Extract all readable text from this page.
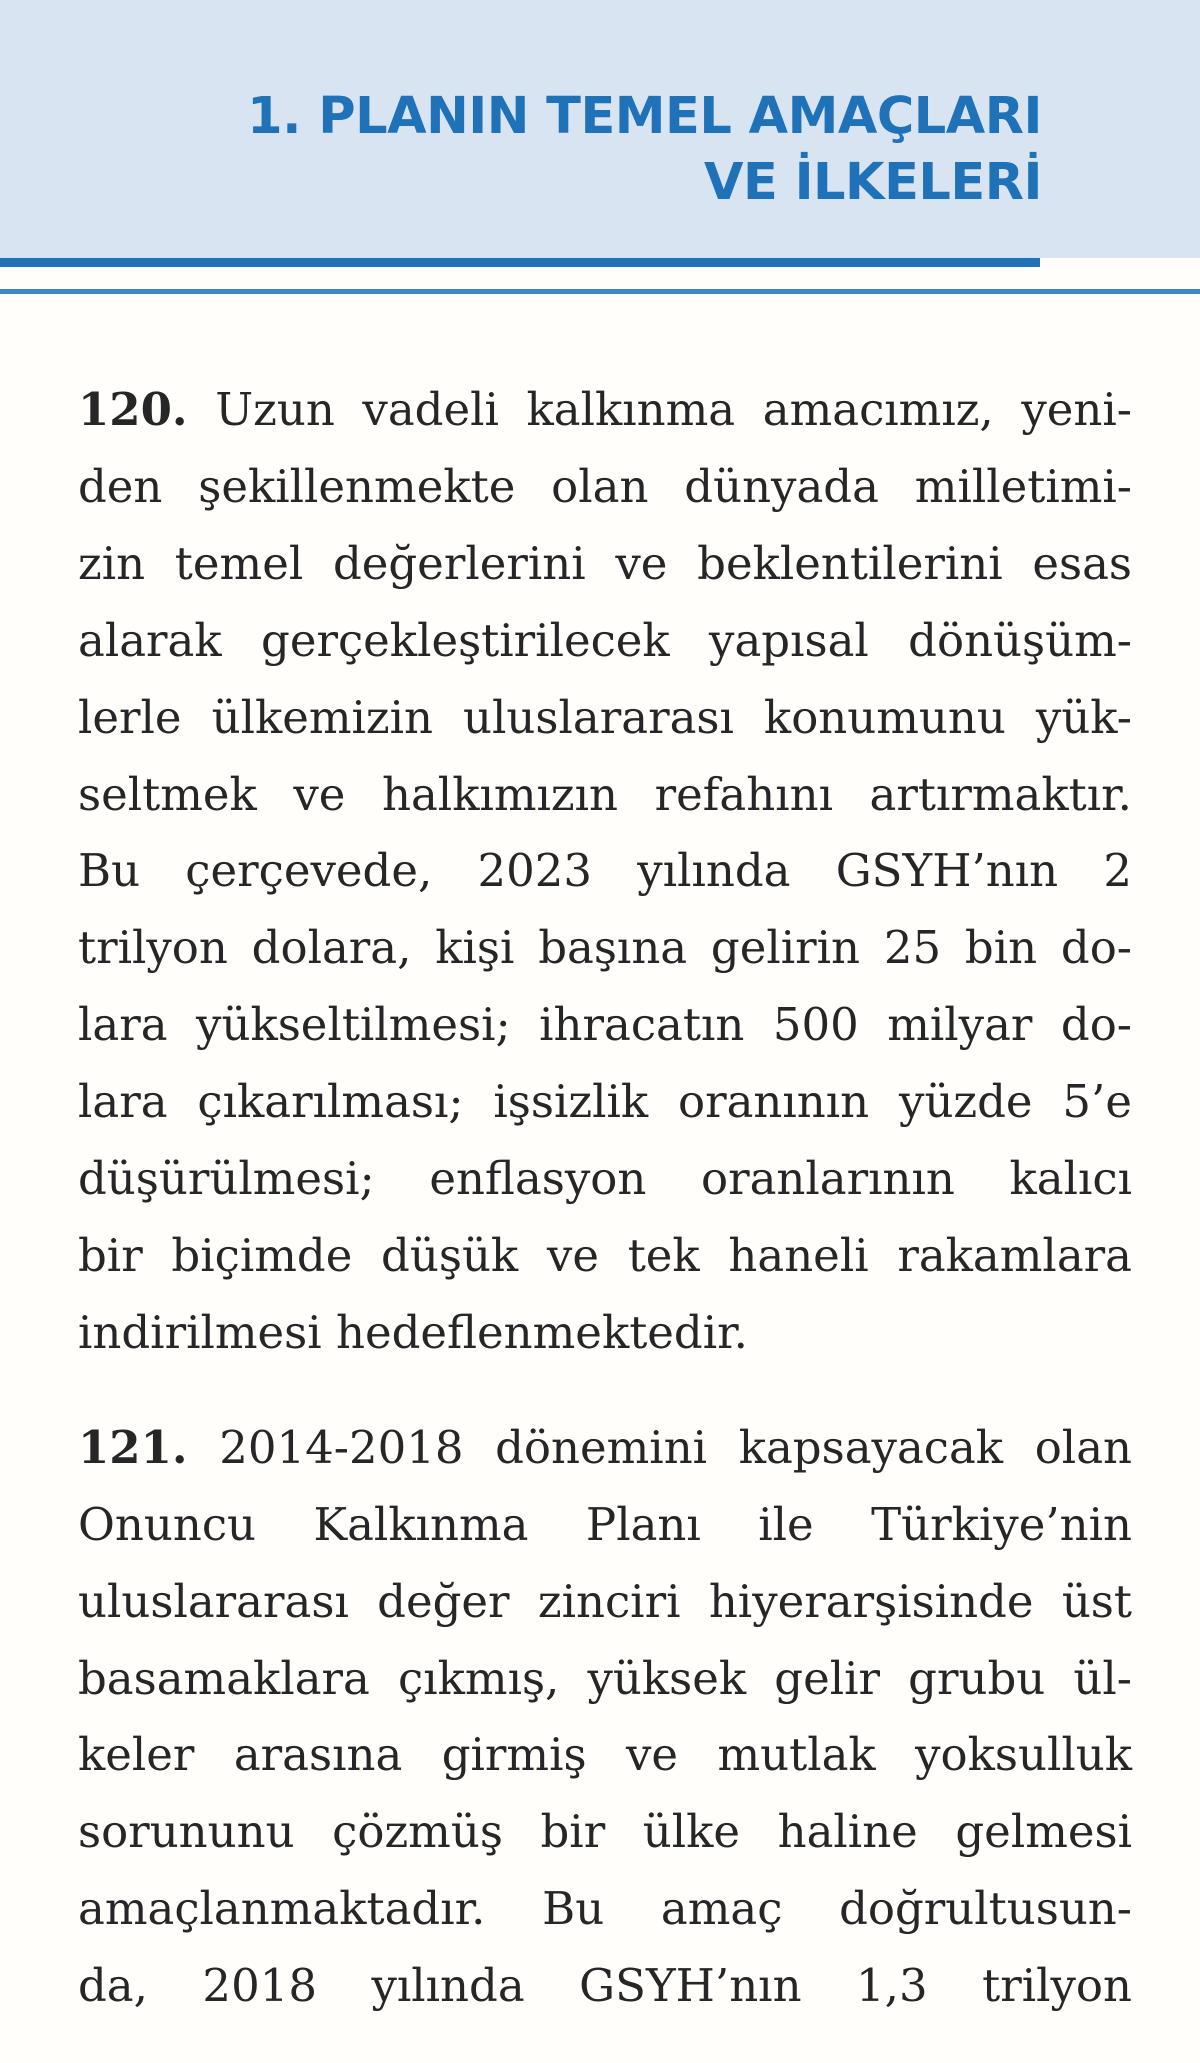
1. PLANIN TEMEL AMAÇLARI
VE İLKELERİ
120. Uzun vadeli kalkınma amacımız, yeni-
den şekillenmekte olan dünyada milletimi-
zin temel değerlerini ve beklentilerini esas
alarak gerçekleştirilecek yapısal dönüşüm-
lerle ülkemizin uluslararası konumunu yük-
seltmek ve halkımızın refahını artırmaktır.
Bu çerçevede, 2023 yılında GSYH’nın 2
trilyon dolara, kişi başına gelirin 25 bin do-
lara yükseltilmesi; ihracatın 500 milyar do-
lara çıkarılması; işsizlik oranının yüzde 5’e
düşürülmesi; enflasyon oranlarının kalıcı
bir biçimde düşük ve tek haneli rakamlara
indirilmesi hedeflenmektedir.
121. 2014-2018 dönemini kapsayacak olan
Onuncu Kalkınma Planı ile Türkiye’nin
uluslararası değer zinciri hiyerarşisinde üst
basamaklara çıkmış, yüksek gelir grubu ül-
keler arasına girmiş ve mutlak yoksulluk
sorununu çözmüş bir ülke haline gelmesi
amaçlanmaktadır. Bu amaç doğrultusun-
da, 2018 yılında GSYH’nın 1,3 trilyon
